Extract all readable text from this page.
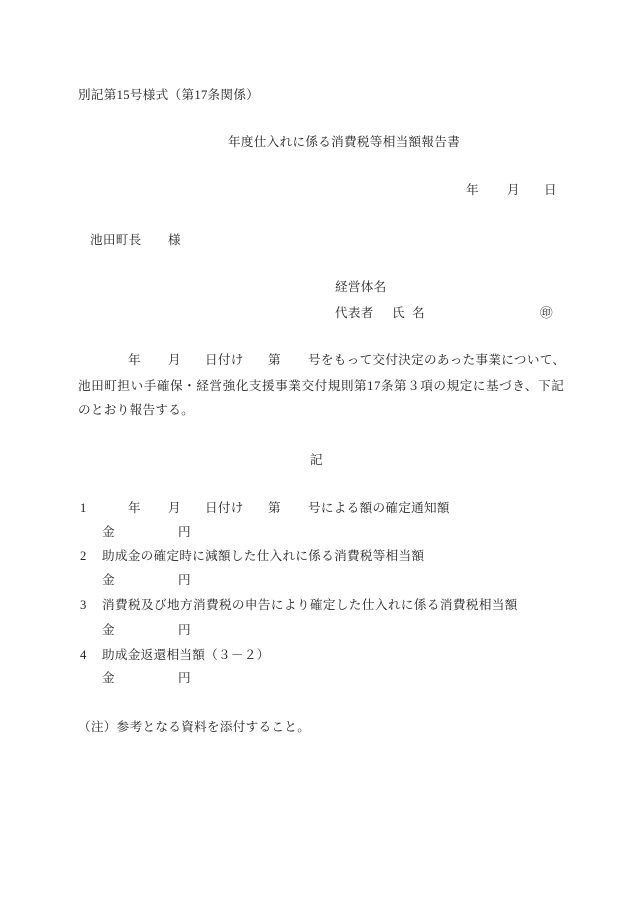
別記第15号様式（第17条関係）
年度仕入れに係る消費税等相当額報告書
年 月 日
池田町長 様
経営体名
代表者 氏 名	㊞
年 月 日付け 第 号をもって交付決定のあった事業について、
池田町担い手確保・経営強化支援事業交付規則第17条第３項の規定に基づき、下記
のとおり報告する。
記
1	年 月 日付け 第 号による額の確定通知額
金	円
2 助成金の確定時に減額した仕入れに係る消費税等相当額
金	円
3 消費税及び地方消費税の申告により確定した仕入れに係る消費税相当額
金	円
4 助成金返還相当額（３－２）
金	円
（注）参考となる資料を添付すること。
